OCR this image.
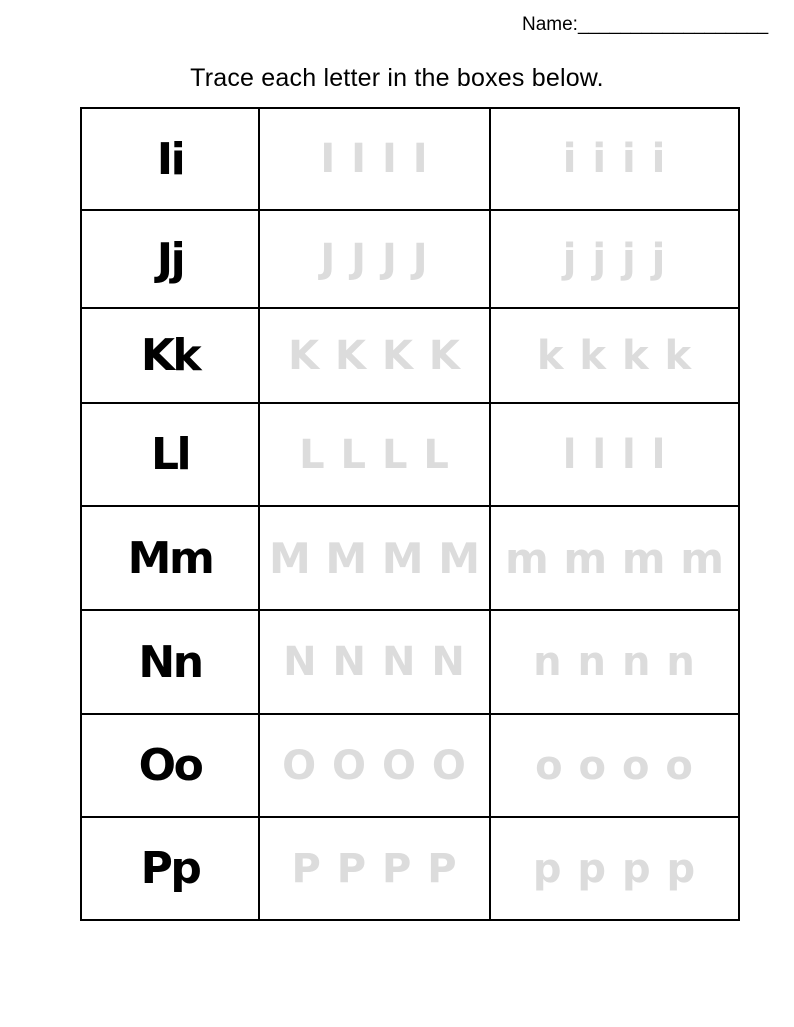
Name:__________________
Trace each letter in the boxes below.
Ii	I I I I	i i i i
Jj	J J J J	j j j j
Kk	K K K K	k k k k
Ll	L L L L	l l l l
Mm	M M M M	m m m m
Nn	N N N N	n n n n
Oo	O O O O	o o o o
Pp	P P P P	p p p p
